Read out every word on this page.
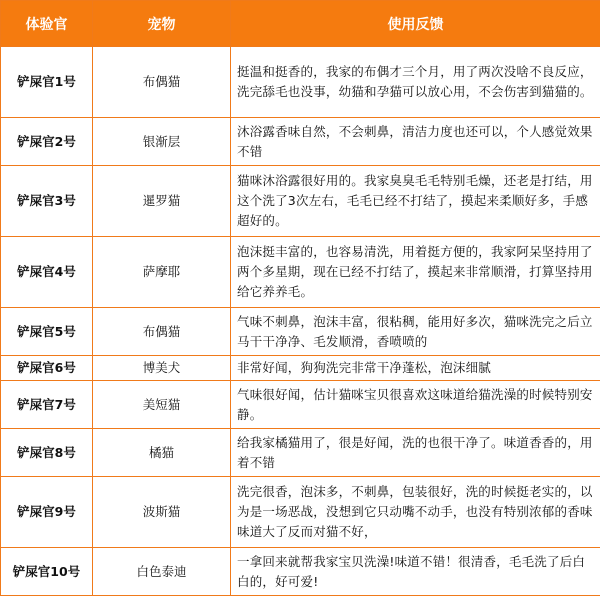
体验官	宠物	使用反馈
铲屎官1号	布偶猫	挺温和挺香的，我家的布偶才三个月，用了两次没啥不良反应，洗完舔毛也没事，幼猫和孕猫可以放心用，不会伤害到猫猫的。
铲屎官2号	银渐层	沐浴露香味自然，不会刺鼻，清洁力度也还可以，个人感觉效果不错
铲屎官3号	暹罗猫	猫咪沐浴露很好用的。我家臭臭毛毛特别毛燥，还老是打结，用这个洗了3次左右，毛毛已经不打结了，摸起来柔顺好多，手感超好的。
铲屎官4号	萨摩耶	泡沫挺丰富的，也容易清洗，用着挺方便的，我家阿呆坚持用了两个多星期，现在已经不打结了，摸起来非常顺滑，打算坚持用给它养养毛。
铲屎官5号	布偶猫	气味不刺鼻，泡沫丰富，很粘稠，能用好多次，猫咪洗完之后立马干干净净、毛发顺滑，香喷喷的
铲屎官6号	博美犬	非常好闻，狗狗洗完非常干净蓬松，泡沫细腻
铲屎官7号	美短猫	气味很好闻，估计猫咪宝贝很喜欢这味道给猫洗澡的时候特别安静。
铲屎官8号	橘猫	给我家橘猫用了，很是好闻，洗的也很干净了。味道香香的，用着不错
铲屎官9号	波斯猫	洗完很香，泡沫多，不刺鼻，包装很好，洗的时候挺老实的，以为是一场恶战，没想到它只动嘴不动手，也没有特别浓郁的香味味道大了反而对猫不好，
铲屎官10号	白色泰迪	一拿回来就帮我家宝贝洗澡!味道不错！很清香，毛毛洗了后白白的，好可爱!
